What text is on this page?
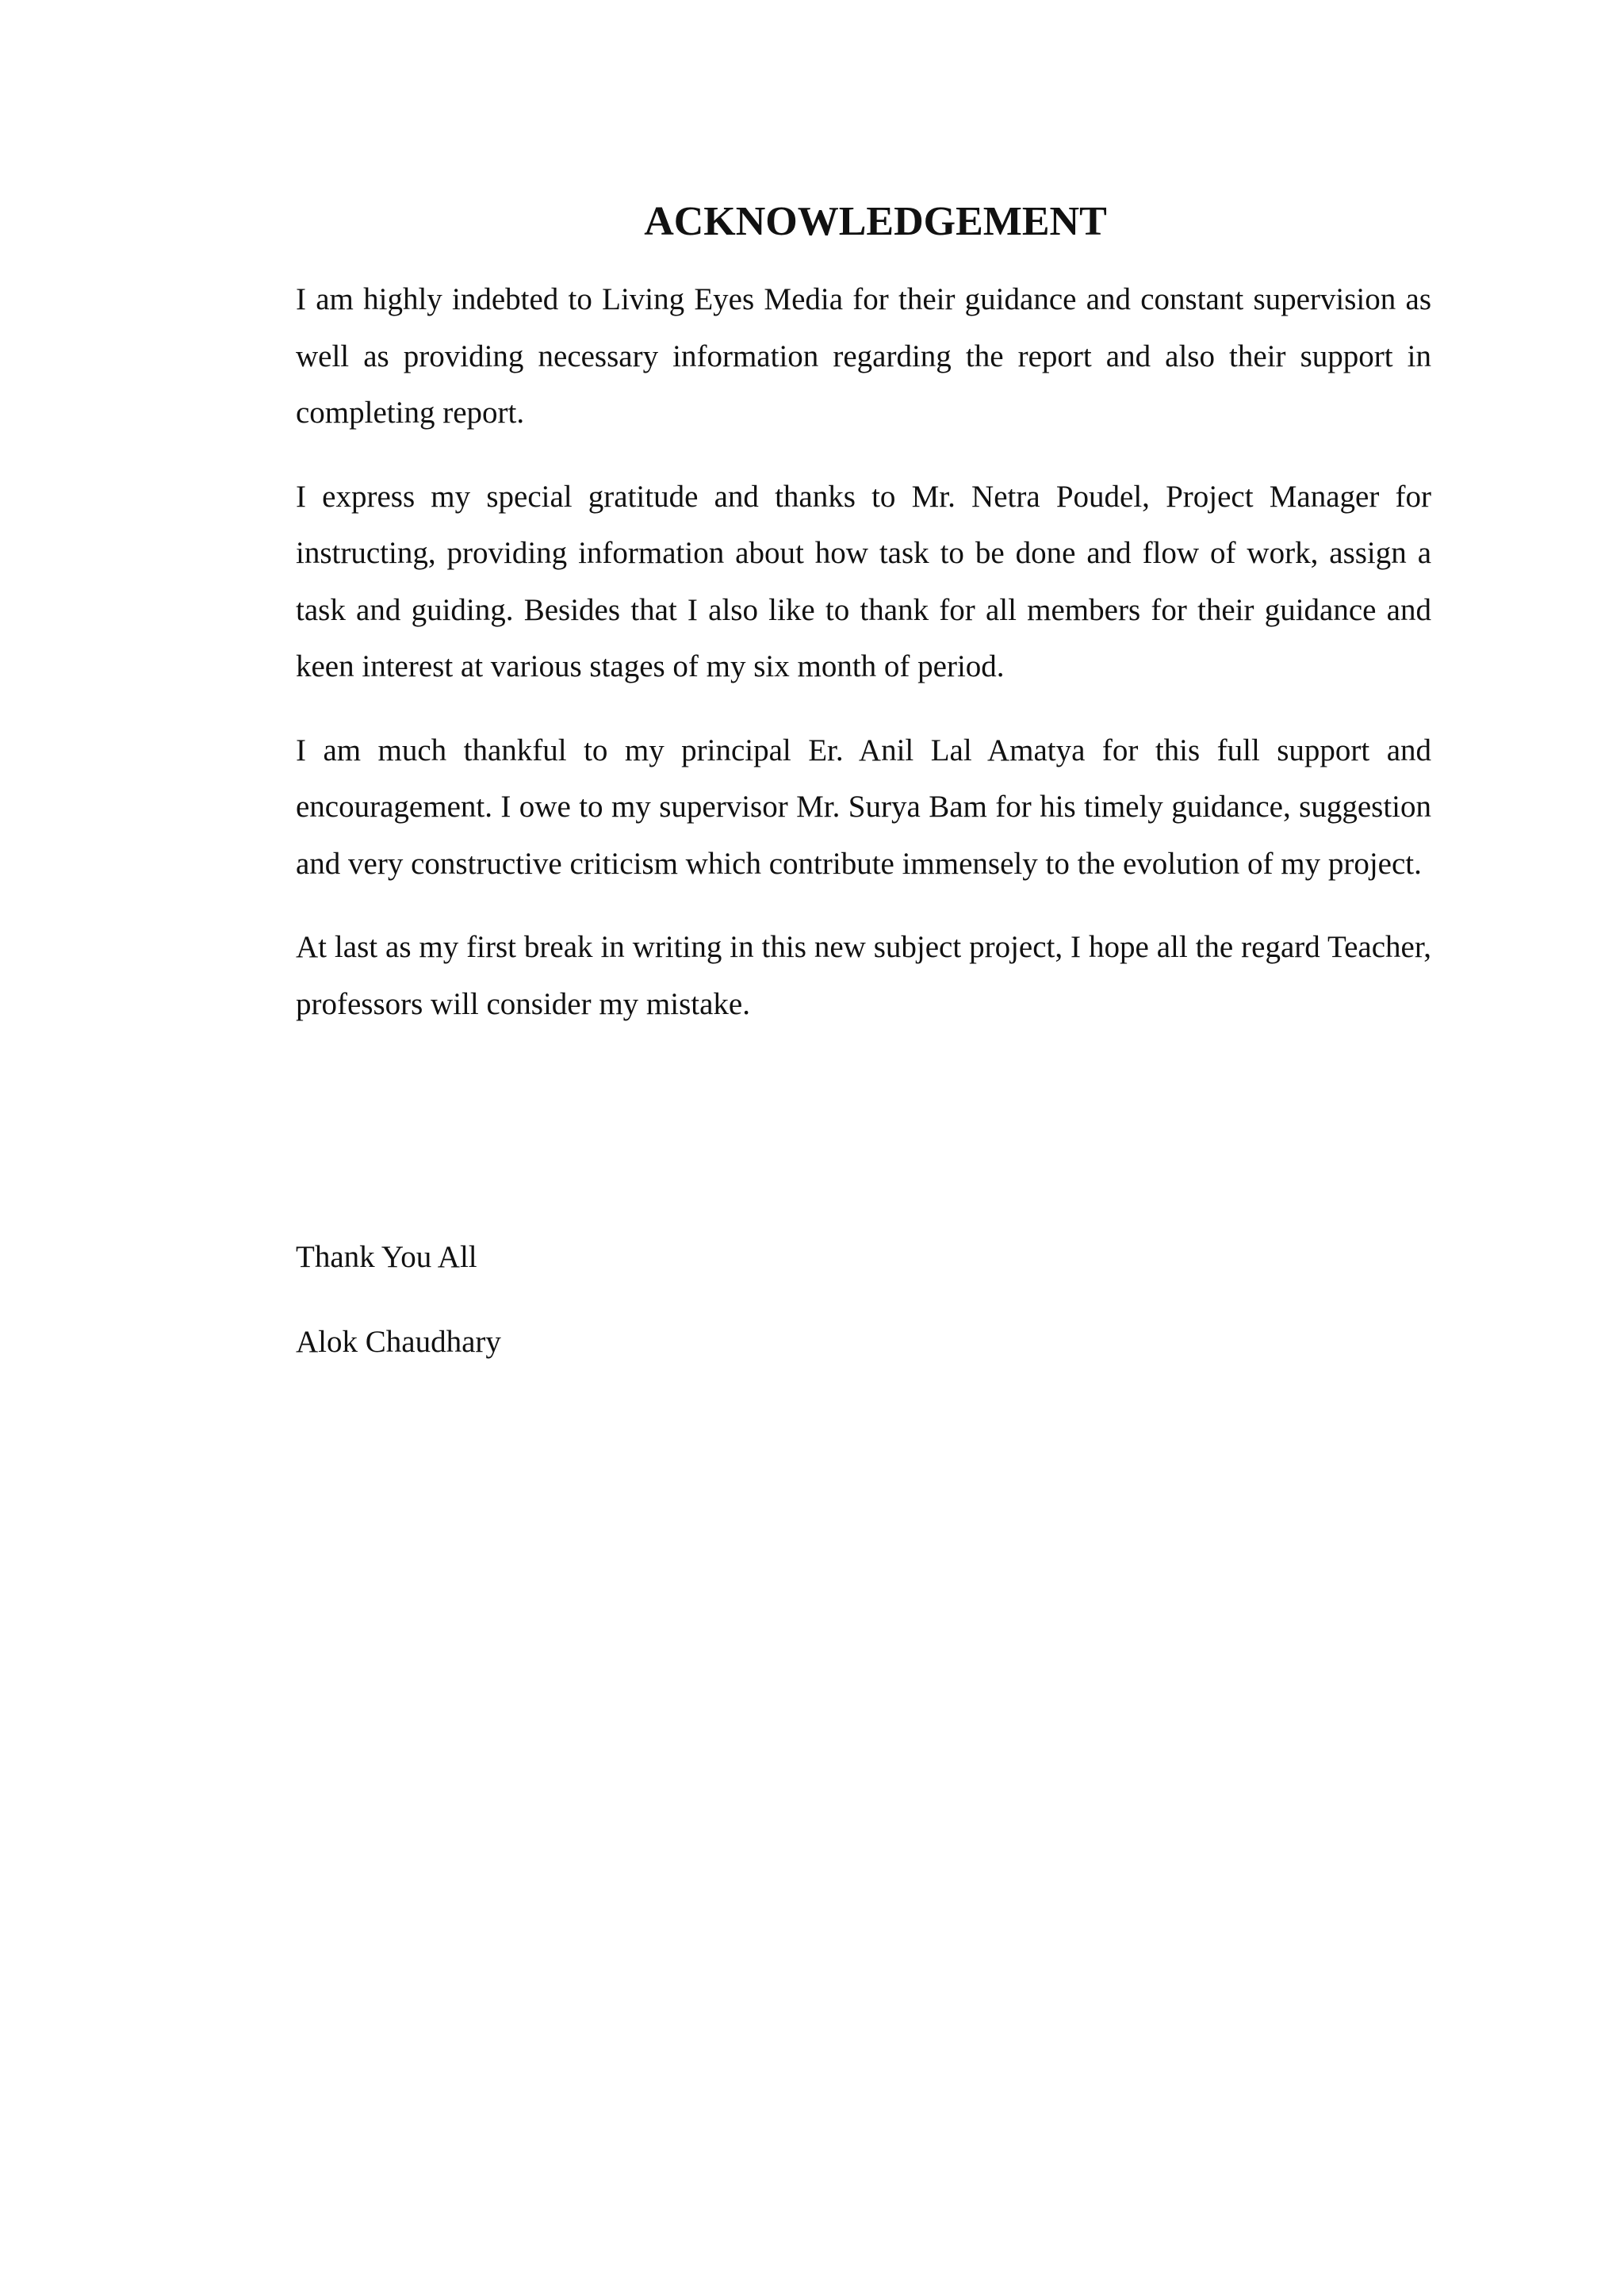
ACKNOWLEDGEMENT

I am highly indebted to Living Eyes Media for their guidance and constant supervision as well as providing necessary information regarding the report and also their support in completing report.

I express my special gratitude and thanks to Mr. Netra Poudel, Project Manager for instructing, providing information about how task to be done and flow of work, assign a task and guiding. Besides that I also like to thank for all members for their guidance and keen interest at various stages of my six month of period.

I am much thankful to my principal Er. Anil Lal Amatya for this full support and encouragement. I owe to my supervisor Mr. Surya Bam for his timely guidance, suggestion and very constructive criticism which contribute immensely to the evolution of my project.

At last as my first break in writing in this new subject project, I hope all the regard Teacher, professors will consider my mistake.

Thank You All

Alok Chaudhary
